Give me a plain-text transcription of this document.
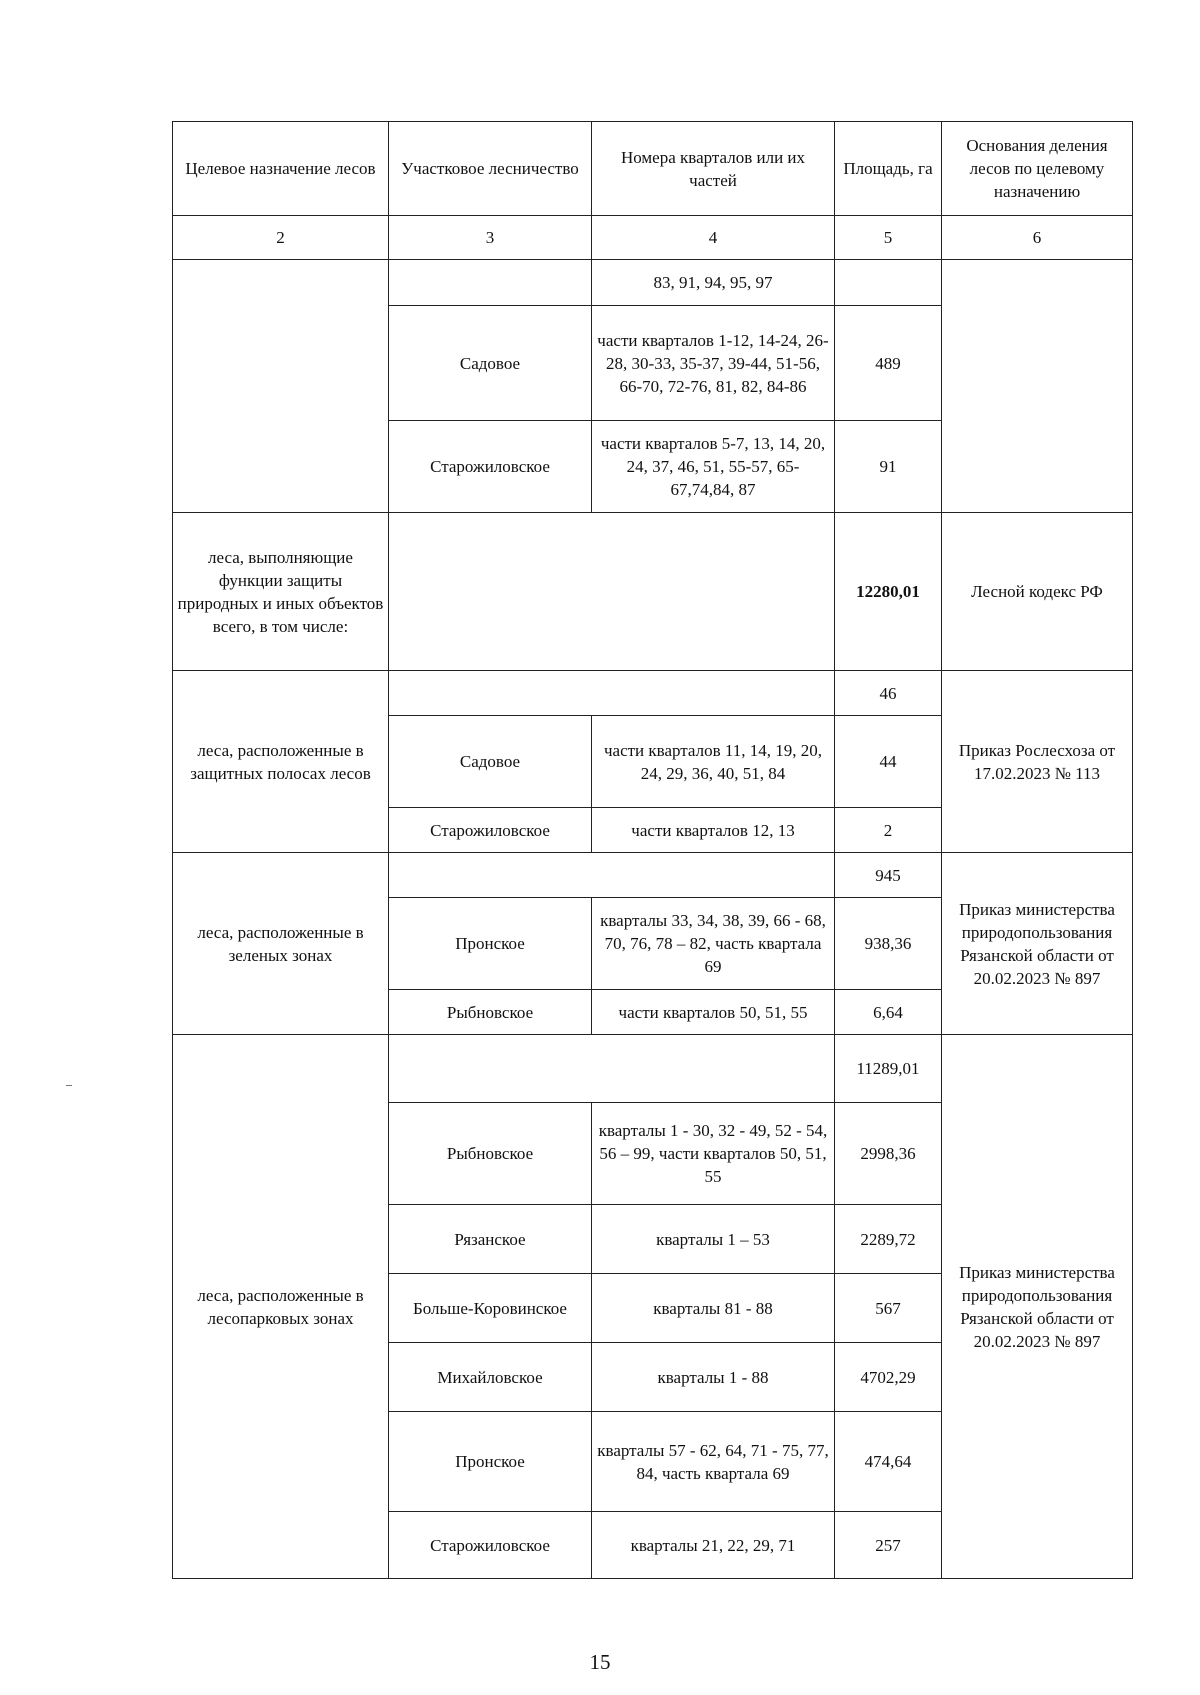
Целевое назначение лесов	Участковое лесничество	Номера кварталов или их частей	Площадь, га	Основания деления лесов по целевому назначению
2	3	4	5	6
		83, 91, 94, 95, 97		
	Садовое	части кварталов 1-12, 14-24, 26-28, 30-33, 35-37, 39-44, 51-56, 66-70, 72-76, 81, 82, 84-86	489	
	Старожиловское	части кварталов 5-7, 13, 14, 20, 24, 37, 46, 51, 55-57, 65-67,74,84, 87	91	
леса, выполняющие функции защиты природных и иных объектов всего, в том числе:			12280,01	Лесной кодекс РФ
леса, расположенные в защитных полосах лесов			46	Приказ Рослесхоза от 17.02.2023 № 113
	Садовое	части кварталов 11, 14, 19, 20, 24, 29, 36, 40, 51, 84	44	
	Старожиловское	части кварталов 12, 13	2	
леса, расположенные в зеленых зонах			945	Приказ министерства природопользования Рязанской области от 20.02.2023 № 897
	Пронское	кварталы 33, 34, 38, 39, 66 - 68, 70, 76, 78 – 82, часть квартала 69	938,36	
	Рыбновское	части кварталов 50, 51, 55	6,64	
леса, расположенные в лесопарковых зонах			11289,01	Приказ министерства природопользования Рязанской области от 20.02.2023 № 897
	Рыбновское	кварталы 1 - 30, 32 - 49, 52 - 54, 56 – 99, части кварталов 50, 51, 55	2998,36	
	Рязанское	кварталы 1 – 53	2289,72	
	Больше-Коровинское	кварталы 81 - 88	567	
	Михайловское	кварталы 1 - 88	4702,29	
	Пронское	кварталы 57 - 62, 64, 71 - 75, 77, 84, часть квартала 69	474,64	
	Старожиловское	кварталы 21, 22, 29, 71	257	
15
